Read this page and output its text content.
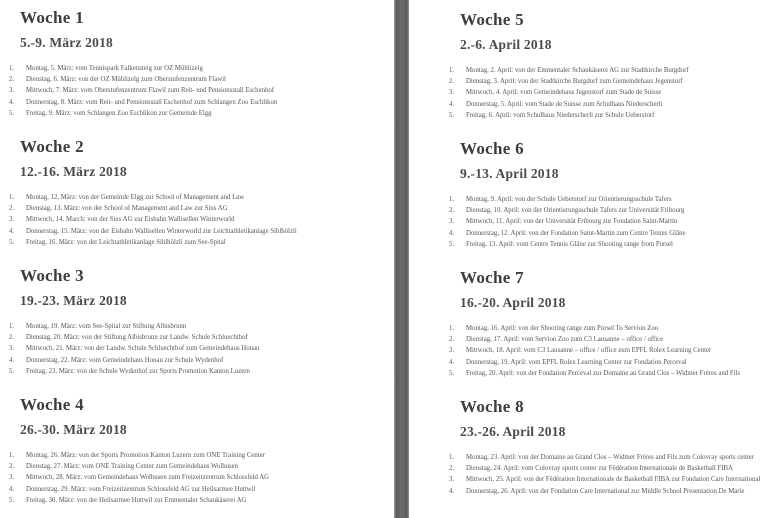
Woche 1
5.-9. März 2018
Montag, 5. März: vom Tennispark Falkensteig zur OZ Mühlizelg
Dienstag, 6. März: von der OZ Mühlizelg zum Oberstufenzentrum Flawil
Mittwoch, 7. März: vom Oberstufenzentrum Flawil zum Reit- und Pensionsstall Eschenhof
Donnerstag, 8. März: vom Reit- und Pensionsstall Eschenhof zum Schlangen Zoo Eschlikon
Freitag, 9. März: vom Schlangen Zoo Eschlikon zur Gemeinde Elgg
Woche 2
12.-16. März 2018
Montag, 12. März: von der Gemeinde Elgg zur School of Management and Law
Dienstag, 13. März: von der School of Management and Law zur Sius AG
Mittwoch, 14. March: von der Sius AG zur Eisbahn Wallisellen Winterworld
Donnerstag, 15. März: von der Eisbahn Wallisellen Winterworld zur Leichtathletikanlage Sihlhölzli
Freitag, 16. März: von der Leichtathletikanlage Sihlhölzli zum See-Spital
Woche 3
19.-23. März 2018
Montag, 19. März: vom See-Spital zur Stiftung Albisbrunn
Dienstag, 20. März: von der Stiftung Albisbrunn zur Landw. Schule Schluechthof
Mittwoch, 21. März: von der Landw. Schule Schluechthof zum Gemeindehaus Honau
Donnerstag, 22. März: vom Gemeindehaus Honau zur Schule Wydenhof
Freitag, 23. März: von der Schule Wydenhof zur Sports Promotion Kanton Luzern
Woche 4
26.-30. März 2018
Montag, 26. März: von der Sports Promotion Kanton Luzern zum ONE Training Center
Dienstag, 27. März: vom ONE Training Center zum Gemeindehaus Wolhusen
Mittwoch, 28. März: vom Gemeindehaus Wolhusen zum Freizeitzentrum Schlossfeld AG
Donnerstag, 29. März: vom Freizeitzentrum Schlossfeld AG zur Heilsarmee Huttwil
Freitag, 30. März: von der Heilsarmee Huttwil zur Emmentaler Schaukäserei AG
Woche 5
2.-6. April 2018
Montag, 2. April: von der Emmentaler Schaukäserei AG zur Stadtkirche Burgdorf
Dienstag, 3. April: von der Stadtkirche Burgdorf zum Gemeindehaus Jegenstorf
Mittwoch, 4. April: vom Gemeindehaus Jegenstorf zum Stade de Suisse
Donnerstag, 5. April: vom Stade de Suisse zum Schulhaus Niederscherli
Freitag, 6. April: vom Schulhaus Niederscherli zur Schule Ueberstorf
Woche 6
9.-13. April 2018
Montag, 9. April: von der Schule Ueberstorf zur Orientierungsschule Tafers
Dienstag, 10. April: von der Orientierungsschule Tafers zur Universität Fribourg
Mittwoch, 11. April: von der Universität Fribourg zur Fondation Saint-Martin
Donnerstag, 12. April: von der Fondation Saint-Martin zum Centre Tennis Glâne
Freitag, 13. April: vom Centre Tennis Glâne zur Shooting range from Porsel
Woche 7
16.-20. April 2018
Montag, 16. April: von der Shooting range zum Porsel To Servion Zoo
Dienstag, 17. April: vom Servion Zoo zum C3 Lausanne – office / office
Mittwoch, 18. April: vom C3 Lausanne – office / office zum EPFL Rolex Learning Center
Donnerstag, 19. April: vom EPFL Rolex Learning Center zur Fondation Perceval
Freitag, 20. April: von der Fondation Perceval zur Domaine au Grand Clos – Widmer Frères and Fils
Woche 8
23.-26. April 2018
Montag, 23. April: von der Domaine au Grand Clos – Widmer Frères and Fils zum Colovray sports center
Dienstag, 24. April: vom Colovray sports center zur Fédération Internationale de Basketball FIBA
Mittwoch, 25. April: von der Fédération Internationale de Basketball FIBA zur Fondation Care International
Donnerstag, 26. April: von der Fondation Care International zur Middle School Presentation De Marie
